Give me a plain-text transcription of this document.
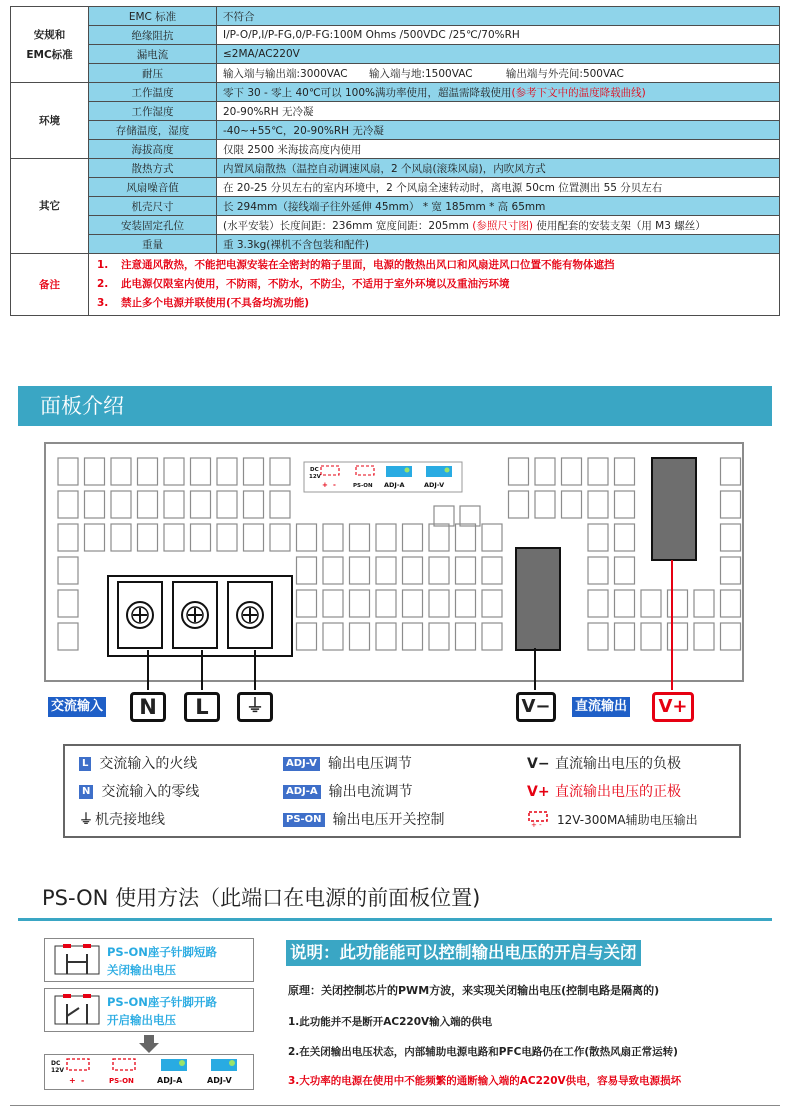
安规和
EMC标准	EMC 标准	不符合
	绝缘阻抗	I/P-O/P,I/P-FG,0/P-FG:100M Ohms /500VDC /25℃/70%RH
	漏电流	≤2MA/AC220V
	耐压	输入端与输出端:3000VAC 输入端与地:1500VAC 输出端与外壳间:500VAC
环境	工作温度	零下 30 - 零上 40℃可以 100%满功率使用，超温需降载使用(参考下文中的温度降载曲线)
	工作湿度	20-90%RH 无冷凝
	存储温度，湿度	-40~+55℃，20-90%RH 无冷凝
	海拔高度	仅限 2500 米海拔高度内使用
其它	散热方式	内置风扇散热（温控自动调速风扇，2 个风扇(滚珠风扇)，内吹风方式
	风扇噪音值	在 20-25 分贝左右的室内环境中，2 个风扇全速转动时，离电源 50cm 位置测出 55 分贝左右
	机壳尺寸	长 294mm（接线端子往外延伸 45mm） * 宽 185mm * 高 65mm
	安装固定孔位	(水平安装）长度间距：236mm 宽度间距：205mm (参照尺寸图) 使用配套的安装支架（用 M3 螺丝）
	重量	重 3.3kg(裸机不含包装和配件)
备注	1. 注意通风散热，不能把电源安装在全密封的箱子里面，电源的散热出风口和风扇进风口位置不能有物体遮挡
2. 此电源仅限室内使用，不防雨，不防水，不防尘，不适用于室外环境以及重油污环境
3. 禁止多个电源并联使用(不具备均流功能)	
面板介绍
DC
12V
+ -	PS-ON ADJ-A	ADJ-V
交流输入	N	L	⏚	V−	直流输出	V+
L 交流输入的火线
N 交流输入的零线
⏚ 机壳接地线
ADJ-V 输出电压调节
ADJ-A 输出电流调节
PS-ON 输出电压开关控制
V− 直流输出电压的负极
V+ 直流输出电压的正极
+ - 12V-300MA辅助电压输出
PS-ON 使用方法（此端口在电源的前面板位置)
PS-ON座子针脚短路
关闭输出电压
PS-ON座子针脚开路
开启输出电压
DC
12V
+ -	PS-ON	ADJ-A	ADJ-V
说明：此功能能可以控制输出电压的开启与关闭
原理：关闭控制芯片的PWM方波，来实现关闭输出电压(控制电路是隔离的)
1.此功能并不是断开AC220V输入端的供电
2.在关闭输出电压状态，内部辅助电源电路和PFC电路仍在工作(散热风扇正常运转)
3.大功率的电源在使用中不能频繁的通断输入端的AC220V供电，容易导致电源损坏
